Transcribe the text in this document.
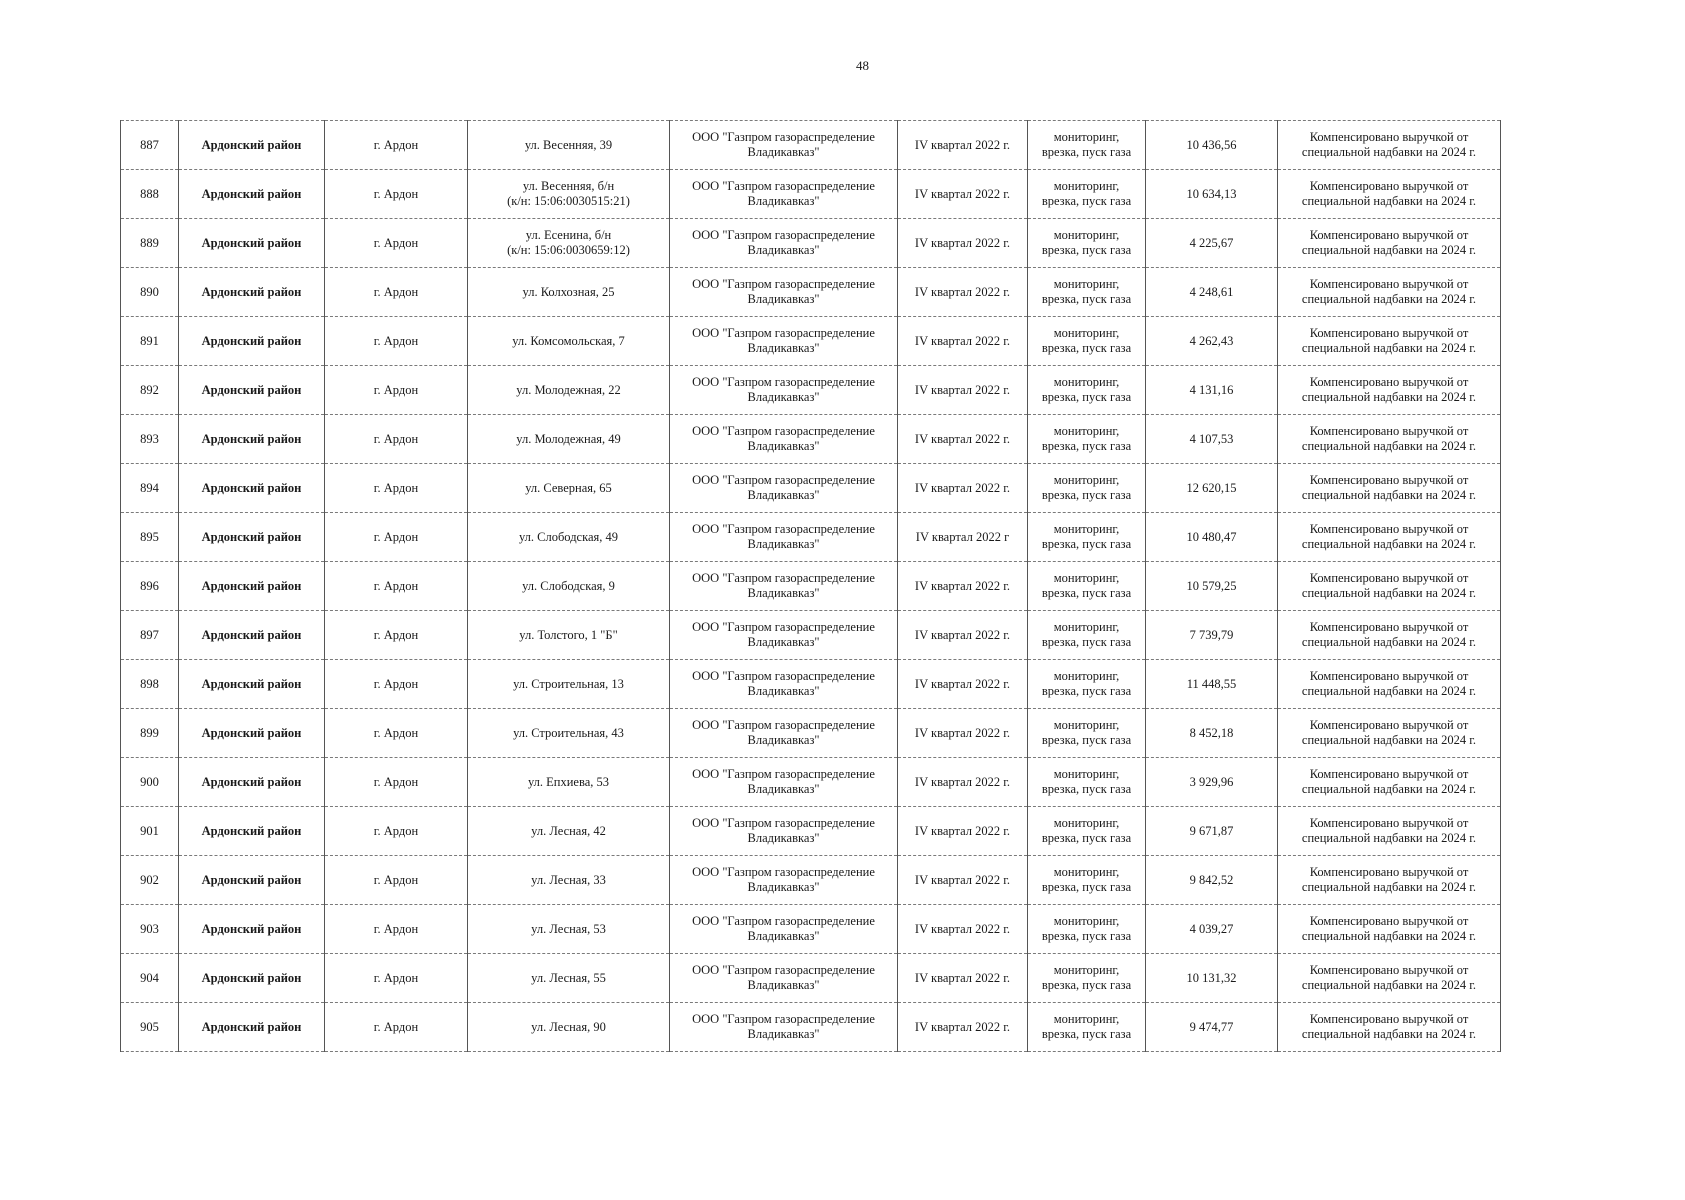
48
887	Ардонский район	г. Ардон	ул. Весенняя, 39	ООО "Газпром газораспределение
Владикавказ"	IV квартал 2022 г.	мониторинг,
врезка, пуск газа	10 436,56	Компенсировано выручкой от
специальной надбавки на 2024 г.

888	Ардонский район	г. Ардон	ул. Весенняя, б/н
(к/н: 15:06:0030515:21)	ООО "Газпром газораспределение
Владикавказ"	IV квартал 2022 г.	мониторинг,
врезка, пуск газа	10 634,13	Компенсировано выручкой от
специальной надбавки на 2024 г.

889	Ардонский район	г. Ардон	ул. Есенина, б/н
(к/н: 15:06:0030659:12)	ООО "Газпром газораспределение
Владикавказ"	IV квартал 2022 г.	мониторинг,
врезка, пуск газа	4 225,67	Компенсировано выручкой от
специальной надбавки на 2024 г.

890	Ардонский район	г. Ардон	ул. Колхозная, 25	ООО "Газпром газораспределение
Владикавказ"	IV квартал 2022 г.	мониторинг,
врезка, пуск газа	4 248,61	Компенсировано выручкой от
специальной надбавки на 2024 г.

891	Ардонский район	г. Ардон	ул. Комсомольская, 7	ООО "Газпром газораспределение
Владикавказ"	IV квартал 2022 г.	мониторинг,
врезка, пуск газа	4 262,43	Компенсировано выручкой от
специальной надбавки на 2024 г.

892	Ардонский район	г. Ардон	ул. Молодежная, 22	ООО "Газпром газораспределение
Владикавказ"	IV квартал 2022 г.	мониторинг,
врезка, пуск газа	4 131,16	Компенсировано выручкой от
специальной надбавки на 2024 г.

893	Ардонский район	г. Ардон	ул. Молодежная, 49	ООО "Газпром газораспределение
Владикавказ"	IV квартал 2022 г.	мониторинг,
врезка, пуск газа	4 107,53	Компенсировано выручкой от
специальной надбавки на 2024 г.

894	Ардонский район	г. Ардон	ул. Северная, 65	ООО "Газпром газораспределение
Владикавказ"	IV квартал 2022 г.	мониторинг,
врезка, пуск газа	12 620,15	Компенсировано выручкой от
специальной надбавки на 2024 г.

895	Ардонский район	г. Ардон	ул. Слободская, 49	ООО "Газпром газораспределение
Владикавказ"	IV квартал 2022 г	мониторинг,
врезка, пуск газа	10 480,47	Компенсировано выручкой от
специальной надбавки на 2024 г.

896	Ардонский район	г. Ардон	ул. Слободская, 9	ООО "Газпром газораспределение
Владикавказ"	IV квартал 2022 г.	мониторинг,
врезка, пуск газа	10 579,25	Компенсировано выручкой от
специальной надбавки на 2024 г.

897	Ардонский район	г. Ардон	ул. Толстого, 1 "Б"	ООО "Газпром газораспределение
Владикавказ"	IV квартал 2022 г.	мониторинг,
врезка, пуск газа	7 739,79	Компенсировано выручкой от
специальной надбавки на 2024 г.

898	Ардонский район	г. Ардон	ул. Строительная, 13	ООО "Газпром газораспределение
Владикавказ"	IV квартал 2022 г.	мониторинг,
врезка, пуск газа	11 448,55	Компенсировано выручкой от
специальной надбавки на 2024 г.

899	Ардонский район	г. Ардон	ул. Строительная, 43	ООО "Газпром газораспределение
Владикавказ"	IV квартал 2022 г.	мониторинг,
врезка, пуск газа	8 452,18	Компенсировано выручкой от
специальной надбавки на 2024 г.

900	Ардонский район	г. Ардон	ул. Епхиева, 53	ООО "Газпром газораспределение
Владикавказ"	IV квартал 2022 г.	мониторинг,
врезка, пуск газа	3 929,96	Компенсировано выручкой от
специальной надбавки на 2024 г.

901	Ардонский район	г. Ардон	ул. Лесная, 42	ООО "Газпром газораспределение
Владикавказ"	IV квартал 2022 г.	мониторинг,
врезка, пуск газа	9 671,87	Компенсировано выручкой от
специальной надбавки на 2024 г.

902	Ардонский район	г. Ардон	ул. Лесная, 33	ООО "Газпром газораспределение
Владикавказ"	IV квартал 2022 г.	мониторинг,
врезка, пуск газа	9 842,52	Компенсировано выручкой от
специальной надбавки на 2024 г.

903	Ардонский район	г. Ардон	ул. Лесная, 53	ООО "Газпром газораспределение
Владикавказ"	IV квартал 2022 г.	мониторинг,
врезка, пуск газа	4 039,27	Компенсировано выручкой от
специальной надбавки на 2024 г.

904	Ардонский район	г. Ардон	ул. Лесная, 55	ООО "Газпром газораспределение
Владикавказ"	IV квартал 2022 г.	мониторинг,
врезка, пуск газа	10 131,32	Компенсировано выручкой от
специальной надбавки на 2024 г.

905	Ардонский район	г. Ардон	ул. Лесная, 90	ООО "Газпром газораспределение
Владикавказ"	IV квартал 2022 г.	мониторинг,
врезка, пуск газа	9 474,77	Компенсировано выручкой от
специальной надбавки на 2024 г.
